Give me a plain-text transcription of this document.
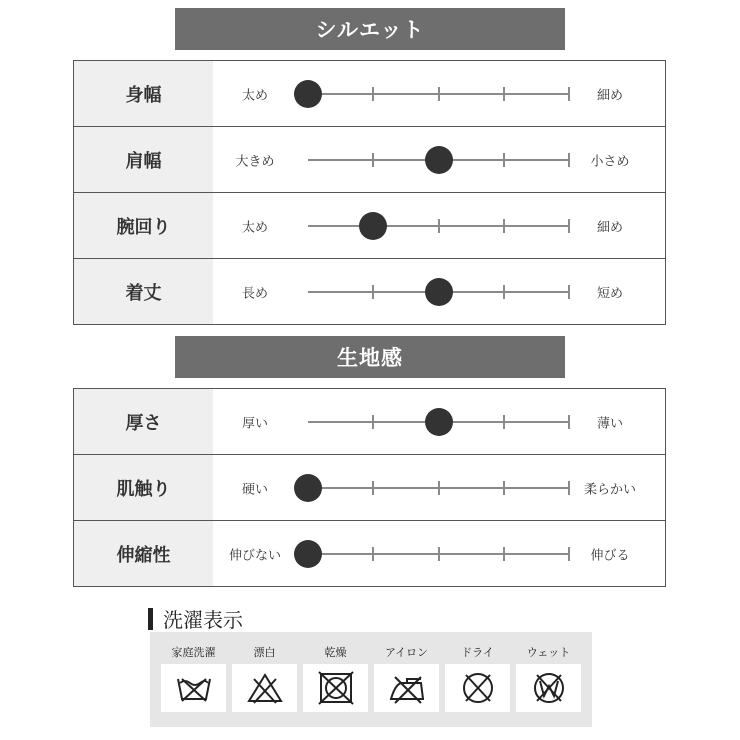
シルエット
身幅	太め	細め
肩幅	大きめ	小さめ
腕回り	太め	細め
着丈	長め	短め
生地感
厚さ	厚い	薄い
肌触り	硬い	柔らかい
伸縮性	伸びない	伸びる
洗濯表示
家庭洗濯	漂白	乾燥	アイロン	ドライ	ウェット
